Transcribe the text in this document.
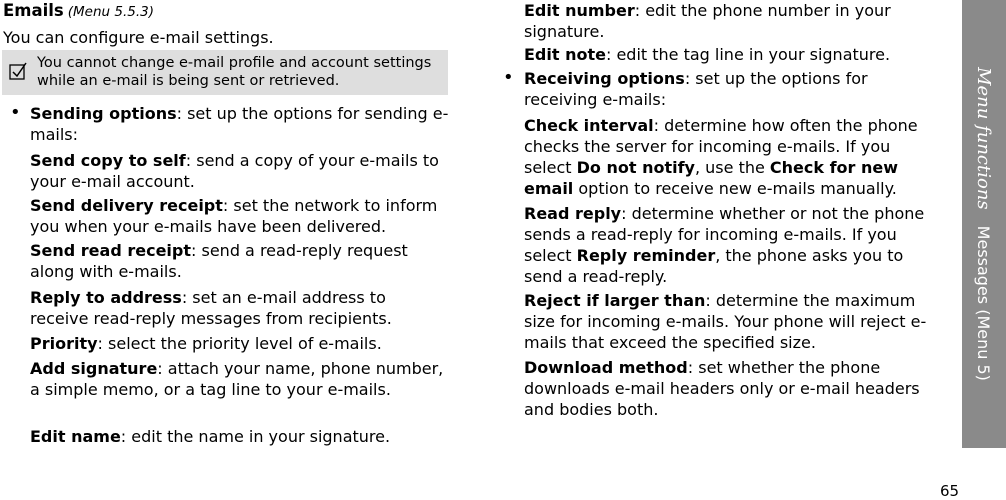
Emails (Menu 5.5.3)
You can configure e-mail settings.
You cannot change e-mail profile and account settings while an e-mail is being sent or retrieved.
• Sending options: set up the options for sending e-mails:
Send copy to self: send a copy of your e-mails to your e-mail account.
Send delivery receipt: set the network to inform you when your e-mails have been delivered.
Send read receipt: send a read-reply request along with e-mails.
Reply to address: set an e-mail address to receive read-reply messages from recipients.
Priority: select the priority level of e-mails.
Add signature: attach your name, phone number, a simple memo, or a tag line to your e-mails.
Edit name: edit the name in your signature.
Edit number: edit the phone number in your signature.
Edit note: edit the tag line in your signature.
• Receiving options: set up the options for receiving e-mails:
Check interval: determine how often the phone checks the server for incoming e-mails. If you select Do not notify, use the Check for new email option to receive new e-mails manually.
Read reply: determine whether or not the phone sends a read-reply for incoming e-mails. If you select Reply reminder, the phone asks you to send a read-reply.
Reject if larger than: determine the maximum size for incoming e-mails. Your phone will reject e-mails that exceed the specified size.
Download method: set whether the phone downloads e-mail headers only or e-mail headers and bodies both.
Menu functions
Messages (Menu 5)
65
